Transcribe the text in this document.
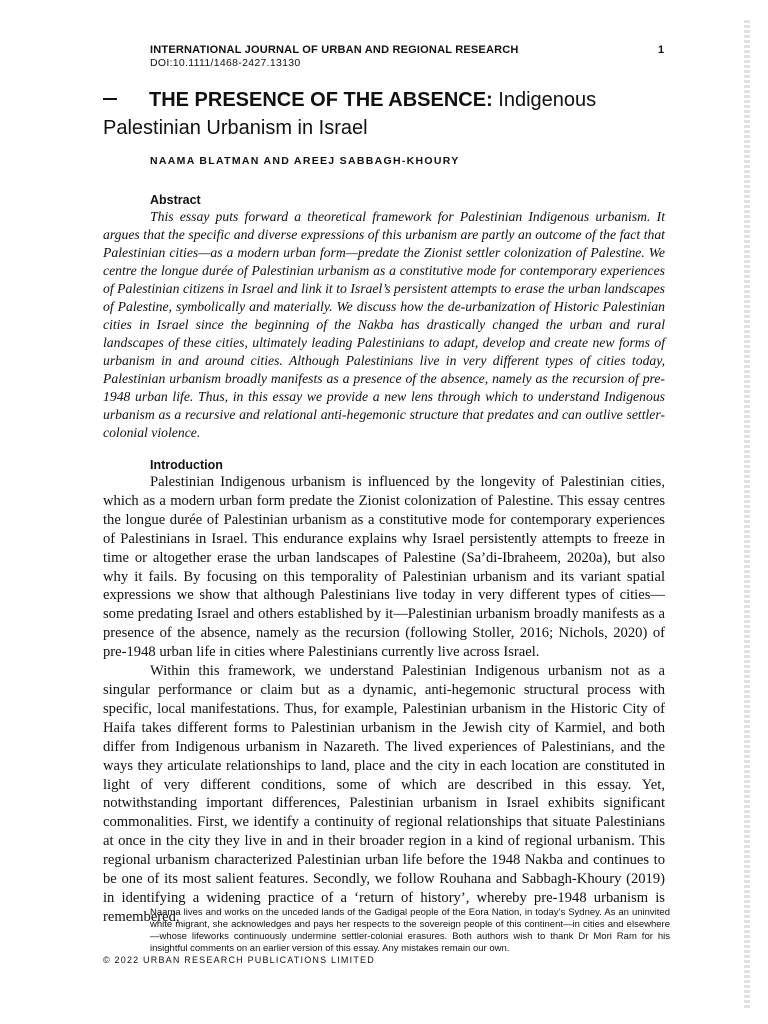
INTERNATIONAL JOURNAL OF URBAN AND REGIONAL RESEARCH
DOI:10.1111/1468-2427.13130
1
THE PRESENCE OF THE ABSENCE: Indigenous
Palestinian Urbanism in Israel
NAAMA BLATMAN AND AREEJ SABBAGH-KHOURY
Abstract

This essay puts forward a theoretical framework for Palestinian Indigenous urbanism. It argues that the specific and diverse expressions of this urbanism are partly an outcome of the fact that Palestinian cities—as a modern urban form—predate the Zionist settler colonization of Palestine. We centre the longue durée of Palestinian urbanism as a constitutive mode for contemporary experiences of Palestinian citizens in Israel and link it to Israel’s persistent attempts to erase the urban landscapes of Palestine, symbolically and materially. We discuss how the de-urbanization of Historic Palestinian cities in Israel since the beginning of the Nakba has drastically changed the urban and rural landscapes of these cities, ultimately leading Palestinians to adapt, develop and create new forms of urbanism in and around cities. Although Palestinians live in very different types of cities today, Palestinian urbanism broadly manifests as a presence of the absence, namely as the recursion of pre-1948 urban life. Thus, in this essay we provide a new lens through which to understand Indigenous urbanism as a recursive and relational anti-hegemonic structure that predates and can outlive settler-colonial violence.

Introduction

Palestinian Indigenous urbanism is influenced by the longevity of Palestinian cities, which as a modern urban form predate the Zionist colonization of Palestine. This essay centres the longue durée of Palestinian urbanism as a constitutive mode for contemporary experiences of Palestinians in Israel. This endurance explains why Israel persistently attempts to freeze in time or altogether erase the urban landscapes of Palestine (Sa’di-Ibraheem, 2020a), but also why it fails. By focusing on this temporality of Palestinian urbanism and its variant spatial expressions we show that although Palestinians live today in very different types of cities—some predating Israel and others established by it—Palestinian urbanism broadly manifests as a presence of the absence, namely as the recursion (following Stoller, 2016; Nichols, 2020) of pre-1948 urban life in cities where Palestinians currently live across Israel.

Within this framework, we understand Palestinian Indigenous urbanism not as a singular performance or claim but as a dynamic, anti-hegemonic structural process with specific, local manifestations. Thus, for example, Palestinian urbanism in the Historic City of Haifa takes different forms to Palestinian urbanism in the Jewish city of Karmiel, and both differ from Indigenous urbanism in Nazareth. The lived experiences of Palestinians, and the ways they articulate relationships to land, place and the city in each location are constituted in light of very different conditions, some of which are described in this essay. Yet, notwithstanding important differences, Palestinian urbanism in Israel exhibits significant commonalities. First, we identify a continuity of regional relationships that situate Palestinians at once in the city they live in and in their broader region in a kind of regional urbanism. This regional urbanism characterized Palestinian urban life before the 1948 Nakba and continues to be one of its most salient features. Secondly, we follow Rouhana and Sabbagh-Khoury (2019) in identifying a widening practice of a ‘return of history’, whereby pre-1948 urbanism is remembered,

Naama lives and works on the unceded lands of the Gadigal people of the Eora Nation, in today’s Sydney. As an uninvited white migrant, she acknowledges and pays her respects to the sovereign people of this continent—in cities and elsewhere—whose lifeworks continuously undermine settler-colonial erasures. Both authors wish to thank Dr Mori Ram for his insightful comments on an earlier version of this essay. Any mistakes remain our own.

© 2022 URBAN RESEARCH PUBLICATIONS LIMITED
